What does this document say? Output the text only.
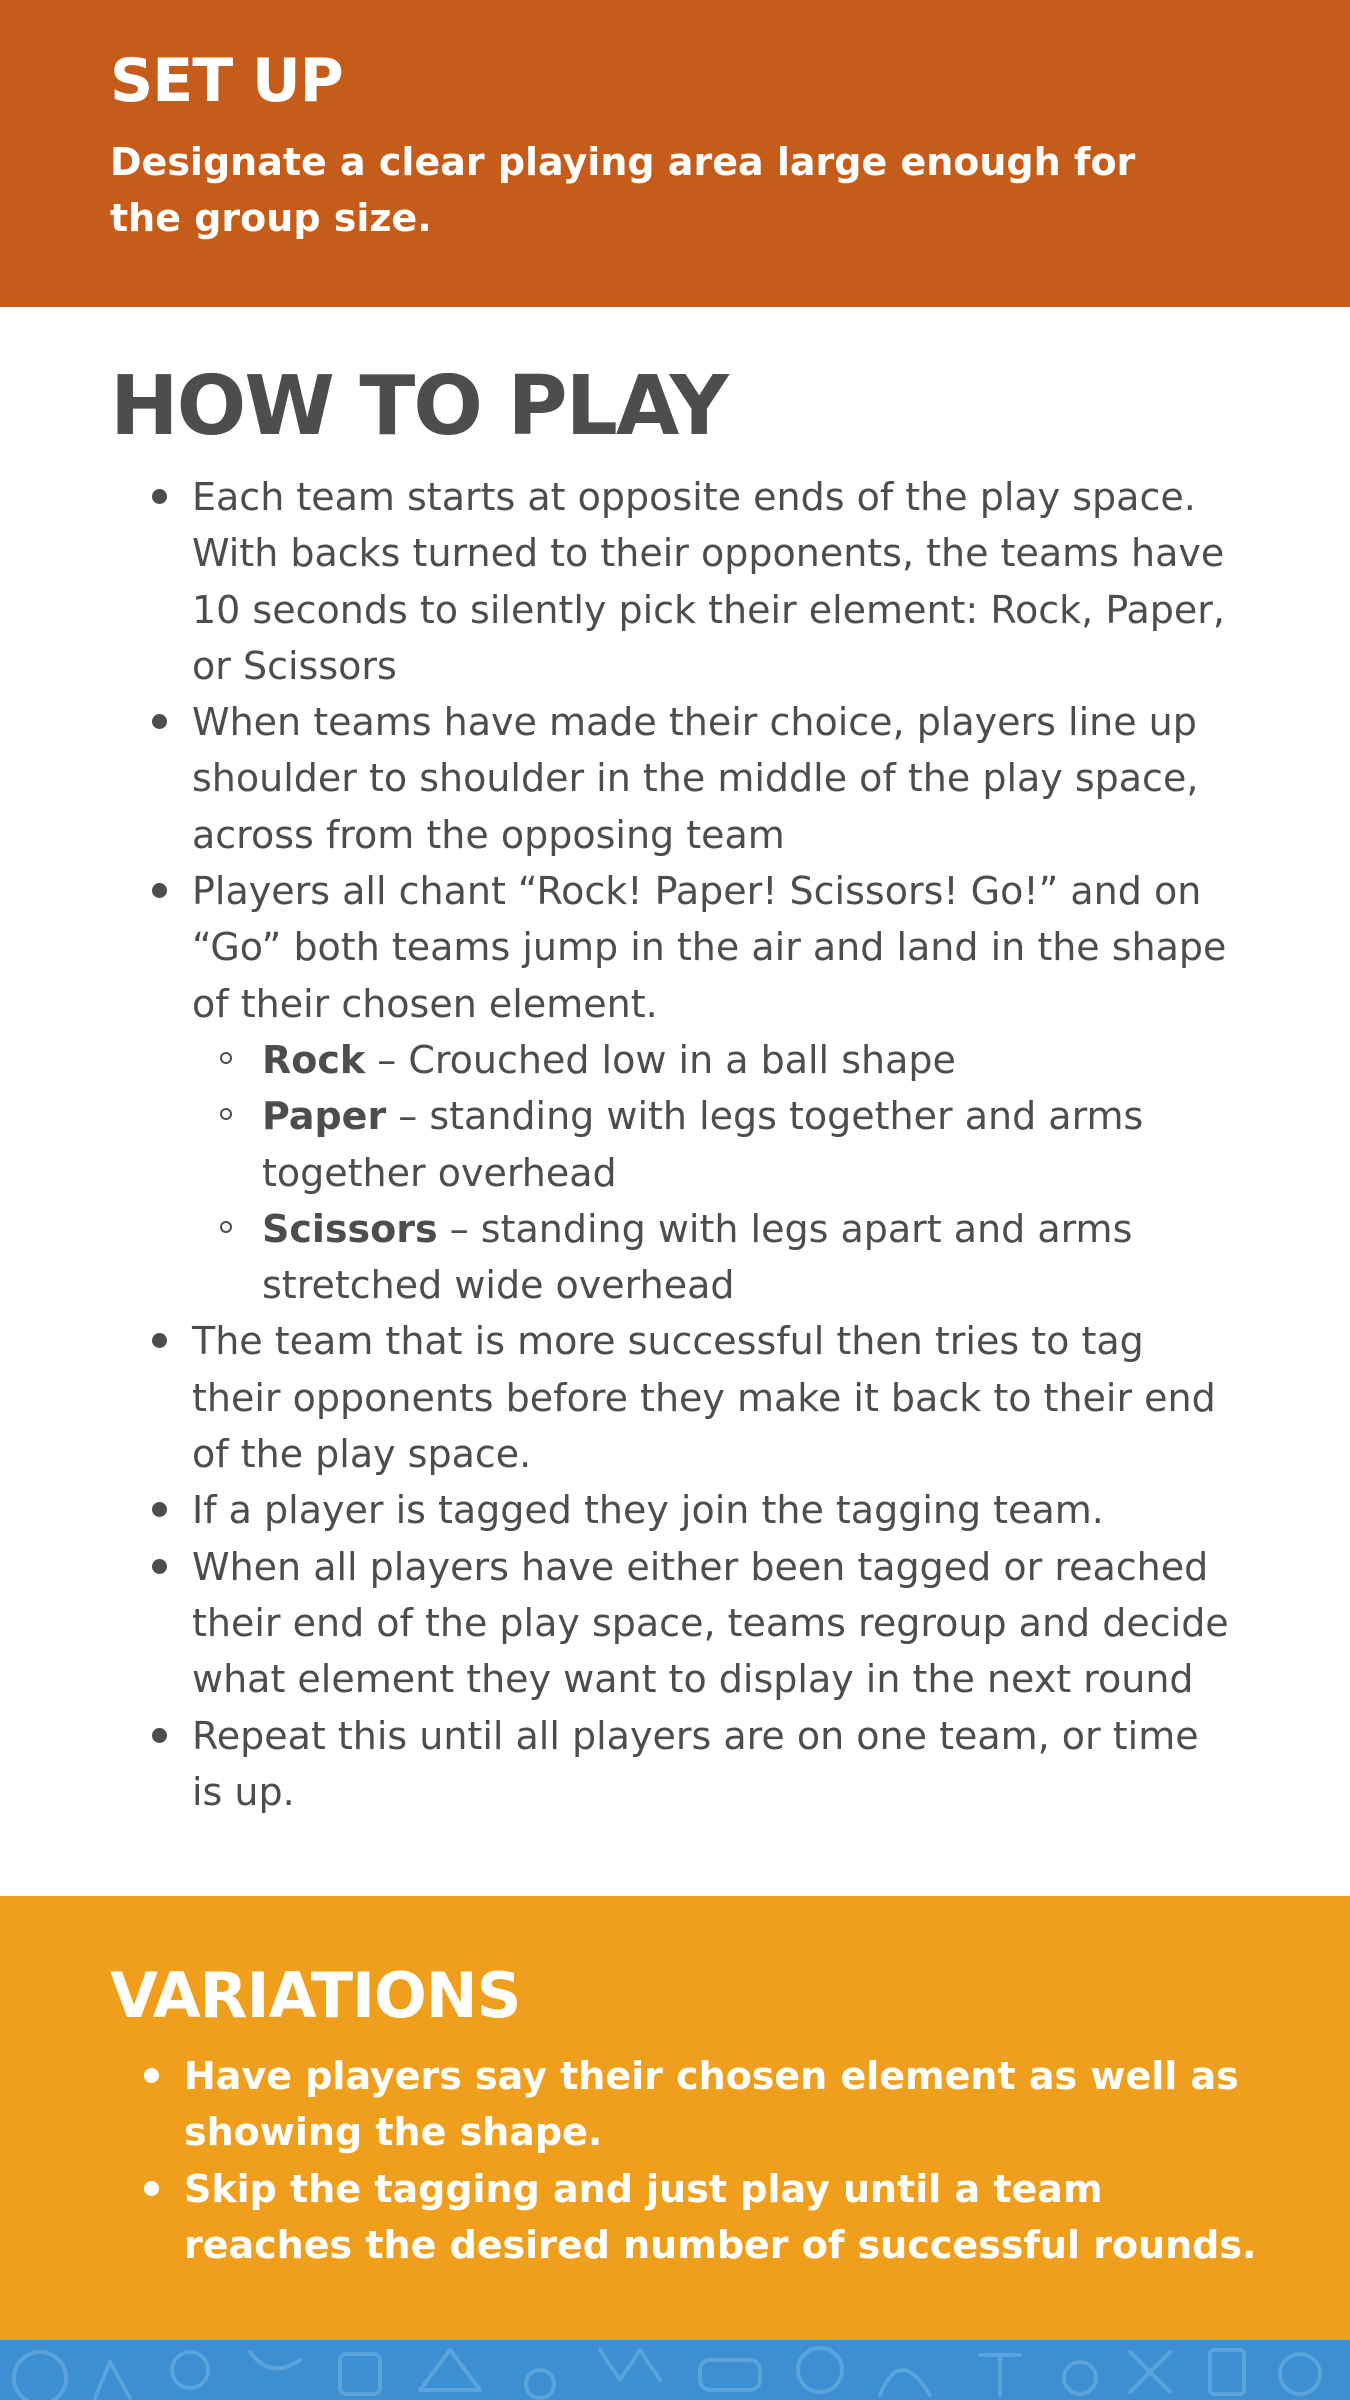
SET UP

Designate a clear playing area large enough for the group size.

HOW TO PLAY
Each team starts at opposite ends of the play space. With backs turned to their opponents, the teams have 10 seconds to silently pick their element: Rock, Paper, or Scissors
When teams have made their choice, players line up shoulder to shoulder in the middle of the play space, across from the opposing team
Players all chant “Rock! Paper! Scissors! Go!” and on “Go” both teams jump in the air and land in the shape of their chosen element.
Rock – Crouched low in a ball shape
Paper – standing with legs together and arms together overhead
Scissors – standing with legs apart and arms stretched wide overhead
The team that is more successful then tries to tag their opponents before they make it back to their end of the play space.
If a player is tagged they join the tagging team.
When all players have either been tagged or reached their end of the play space, teams regroup and decide what element they want to display in the next round
Repeat this until all players are on one team, or time is up.
VARIATIONS
Have players say their chosen element as well as showing the shape.
Skip the tagging and just play until a team reaches the desired number of successful rounds.
